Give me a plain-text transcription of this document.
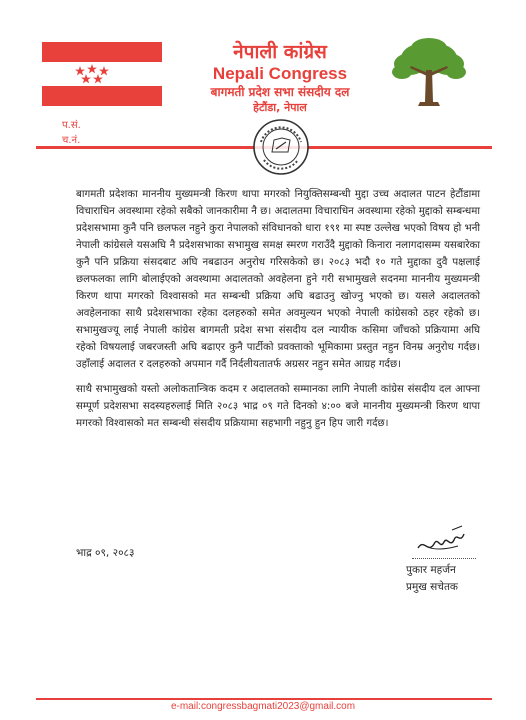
नेपाली कांग्रेस
Nepali Congress
बागमती प्रदेश सभा संसदीय दल
हेटौंडा, नेपाल
प.सं.
च.नं.

बागमती प्रदेशका माननीय मुख्यमन्त्री किरण थापा मगरको नियुक्तिसम्बन्धी मुद्दा उच्च अदालत पाटन हेटौंडामा विचाराधिन अवस्थामा रहेको सबैको जानकारीमा नै छ। अदालतमा विचाराधिन अवस्थामा रहेको मुद्दाको सम्बन्धमा प्रदेशसभामा कुनै पनि छलफल नहुने कुरा नेपालको संविधानको धारा १९१ मा स्पष्ट उल्लेख भएको विषय हो भनी नेपाली कांग्रेसले यसअघि नै प्रदेशसभाका सभामुख समक्ष स्मरण गराउँदै मुद्दाको किनारा नलागदासम्म यसबारेका कुनै पनि प्रक्रिया संसदबाट अघि नबढाउन अनुरोध गरिसकेको छ। २०८३ भदौ १० गते मुद्दाका दुवै पक्षलाई छलफलका लागि बोलाईएको अवस्थामा अदालतको अवहेलना हुने गरी सभामुखले सदनमा माननीय मुख्यमन्त्री किरण थापा मगरको विश्वासको मत सम्बन्धी प्रक्रिया अघि बढाउनु खोज्नु भएको छ। यसले अदालतको अवहेलनाका साथै प्रदेशसभाका रहेका दलहरुको समेत अवमुल्यन भएको नेपाली कांग्रेसको ठहर रहेको छ। सभामुखज्यू लाई नेपाली कांग्रेस बागमती प्रदेश सभा संसदीय दल न्यायीक कसिमा जाँचको प्रक्रियामा अघि रहेको विषयलाई जबरजस्ती अघि बढाएर कुनै पार्टीको प्रवक्ताको भूमिकामा प्रस्तुत नहुन विनम्र अनुरोध गर्दछ। उहाँलाई अदालत र दलहरुको अपमान गर्दै निर्दलीयतातर्फ अग्रसर नहुन समेत आग्रह गर्दछ।

साथै सभामुखको यस्तो अलोकतान्त्रिक कदम र अदालतको सम्मानका लागि नेपाली कांग्रेस संसदीय दल आफ्ना सम्पूर्ण प्रदेशसभा सदस्यहरुलाई मिति २०८३ भाद्र ०९ गते दिनको ४:०० बजे माननीय मुख्यमन्त्री किरण थापा मगरको विश्वासको मत सम्बन्धी संसदीय प्रक्रियामा सहभागी नहुनु हुन हिप जारी गर्दछ।

भाद्र ०९, २०८३
पुकार महर्जन
प्रमुख सचेतक
e-mail:congressbagmati2023@gmail.com
